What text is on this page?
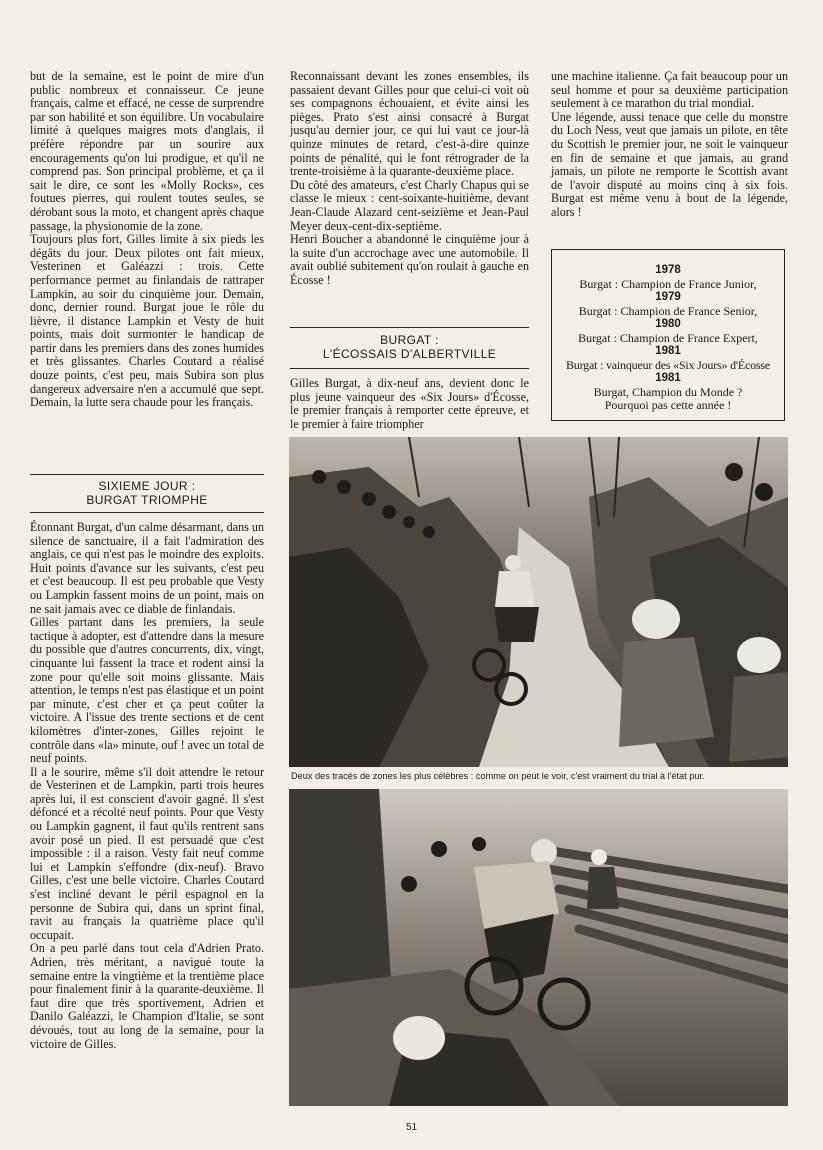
but de la semaine, est le point de mire d'un public nombreux et connaisseur. Ce jeune français, calme et effacé, ne cesse de surprendre par son habilité et son équilibre. Un vocabulaire limité à quelques maigres mots d'anglais, il préfère répondre par un sourire aux encouragements qu'on lui prodigue, et qu'il ne comprend pas. Son principal problème, et ça il sait le dire, ce sont les «Molly Rocks», ces foutues pierres, qui roulent toutes seules, se dérobant sous la moto, et changent après chaque passage, la physionomie de la zone.

Toujours plus fort, Gilles limite à six pieds les dégâts du jour. Deux pilotes ont fait mieux, Vesterinen et Galéazzi : trois. Cette performance permet au finlandais de rattraper Lampkin, au soir du cinquième jour. Demain, donc, dernier round. Burgat joue le rôle du lièvre, il distance Lampkin et Vesty de huit points, mais doit surmonter le handicap de partir dans les premiers dans des zones humides et très glissantes. Charles Coutard a réalisé douze points, c'est peu, mais Subira son plus dangereux adversaire n'en a accumulé que sept. Demain, la lutte sera chaude pour les français.

SIXIEME JOUR :
BURGAT TRIOMPHE

Étonnant Burgat, d'un calme désarmant, dans un silence de sanctuaire, il a fait l'admiration des anglais, ce qui n'est pas le moindre des exploits. Huit points d'avance sur les suivants, c'est peu et c'est beaucoup. Il est peu probable que Vesty ou Lampkin fassent moins de un point, mais on ne sait jamais avec ce diable de finlandais.

Gilles partant dans les premiers, la seule tactique à adopter, est d'attendre dans la mesure du possible que d'autres concurrents, dix, vingt, cinquante lui fassent la trace et rodent ainsi la zone pour qu'elle soit moins glissante. Mais attention, le temps n'est pas élastique et un point par minute, c'est cher et ça peut coûter la victoire. A l'issue des trente sections et de cent kilomètres d'inter-zones, Gilles rejoint le contrôle dans «la» minute, ouf ! avec un total de neuf points.

Il a le sourire, même s'il doit attendre le retour de Vesterinen et de Lampkin, parti trois heures après lui, il est conscient d'avoir gagné. Il s'est défoncé et a récolté neuf points. Pour que Vesty ou Lampkin gagnent, il faut qu'ils rentrent sans avoir posé un pied. Il est persuadé que c'est impossible : il a raison. Vesty fait neuf comme lui et Lampkin s'effondre (dix-neuf). Bravo Gilles, c'est une belle victoire. Charles Coutard s'est incliné devant le péril espagnol en la personne de Subira qui, dans un sprint final, ravit au français la quatrième place qu'il occupait.

On a peu parlé dans tout cela d'Adrien Prato. Adrien, très méritant, a navigué toute la semaine entre la vingtième et la trentième place pour finalement finir à la quarante-deuxième. Il faut dire que très sportivement, Adrien et Danilo Galéazzi, le Champion d'Italie, se sont dévoués, tout au long de la semaine, pour la victoire de Gilles.

Reconnaissant devant les zones ensembles, ils passaient devant Gilles pour que celui-ci voit où ses compagnons échouaient, et évite ainsi les pièges. Prato s'est ainsi consacré à Burgat jusqu'au dernier jour, ce qui lui vaut ce jour-là quinze minutes de retard, c'est-à-dire quinze points de pénalité, qui le font rétrograder de la trente-troisième à la quarante-deuxième place.

Du côté des amateurs, c'est Charly Chapus qui se classe le mieux : cent-soixante-huitième, devant Jean-Claude Alazard cent-seizième et Jean-Paul Meyer deux-cent-dix-septième.

Henri Boucher a abandonné le cinquième jour à la suite d'un accrochage avec une automobile. Il avait oublié subitement qu'on roulait à gauche en Écosse !

BURGAT :
L'ÉCOSSAIS D'ALBERTVILLE

Gilles Burgat, à dix-neuf ans, devient donc le plus jeune vainqueur des «Six Jours» d'Écosse, le premier français à remporter cette épreuve, et le premier à faire triompher

une machine italienne. Ça fait beaucoup pour un seul homme et pour sa deuxième participation seulement à ce marathon du trial mondial.

Une légende, aussi tenace que celle du monstre du Loch Ness, veut que jamais un pilote, en tête du Scottish le premier jour, ne soit le vainqueur en fin de semaine et que jamais, au grand jamais, un pilote ne remporte le Scottish avant de l'avoir disputé au moins cinq à six fois. Burgat est même venu à bout de la légende, alors !

1978
Burgat : Champion de France Junior,
1979
Burgat : Champion de France Senior,
1980
Burgat : Champion de France Expert,
1981
Burgat : vainqueur des «Six Jours» d'Écosse
1981
Burgat, Champion du Monde ?
Pourquoi pas cette année !
Deux des tracés de zones les plus célèbres : comme on peut le voir, c'est vraiment du trial à l'état pur.
51
